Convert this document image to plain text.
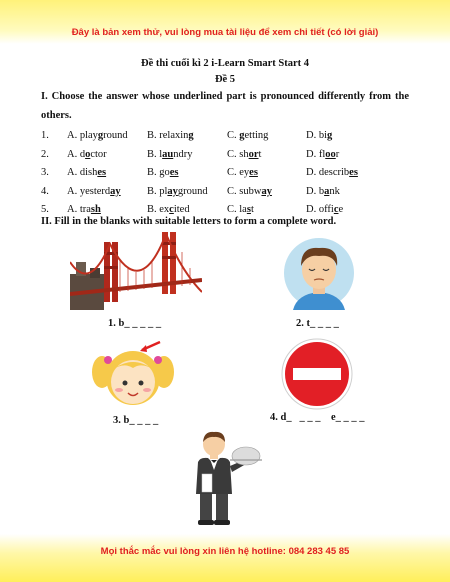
Đây là bản xem thử, vui lòng mua tài liệu để xem chi tiết (có lời giải)
Đề thi cuối kì 2 i-Learn Smart Start 4
Đề 5
I. Choose the answer whose underlined part is pronounced differently from the
others.
1. A. playground B. relaxing	C. getting	D. big
2. A. doctor	B. laundry	C. short	D. floor
3. A. dishes	B. goes	C. eyes	D. describes
4. A. yesterday	B. playground C. subway	D. bank
5. A. trash	B. excited	C. last	D. office
II. Fill in the blanks with suitable letters to form a complete word.
1. b_ _ _ _ _	2. t_ _ _ _
3. b_ _ _ _	4. d_   _ _ _    e_ _ _ _
Mọi thắc mắc vui lòng xin liên hệ hotline: 084 283 45 85
